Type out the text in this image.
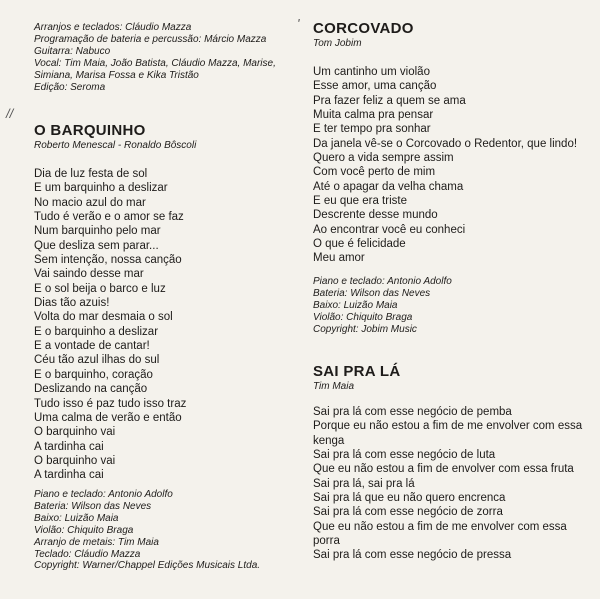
//
'
Arranjos e teclados: Cláudio Mazza
Programação de bateria e percussão: Márcio Mazza
Guitarra: Nabuco
Vocal: Tim Maia, João Batista, Cláudio Mazza, Marise,
Simiana, Marisa Fossa e Kika Tristão
Edição: Seroma
O BARQUINHO
Roberto Menescal - Ronaldo Bôscoli
Dia de luz festa de sol
E um barquinho a deslizar
No macio azul do mar
Tudo é verão e o amor se faz
Num barquinho pelo mar
Que desliza sem parar...
Sem intenção, nossa canção
Vai saindo desse mar
E o sol beija o barco e luz
Dias tão azuis!
Volta do mar desmaia o sol
E o barquinho a deslizar
E a vontade de cantar!
Céu tão azul ilhas do sul
E o barquinho, coração
Deslizando na canção
Tudo isso é paz tudo isso traz
Uma calma de verão e então
O barquinho vai
A tardinha cai
O barquinho vai
A tardinha cai
Piano e teclado: Antonio Adolfo
Bateria: Wilson das Neves
Baixo: Luizão Maia
Violão: Chiquito Braga
Arranjo de metais: Tim Maia
Teclado: Cláudio Mazza
Copyright: Warner/Chappel Edições Musicais Ltda.
CORCOVADO
Tom Jobim
Um cantinho um violão
Esse amor, uma canção
Pra fazer feliz a quem se ama
Muita calma pra pensar
E ter tempo pra sonhar
Da janela vê-se o Corcovado o Redentor, que lindo!
Quero a vida sempre assim
Com você perto de mim
Até o apagar da velha chama
E eu que era triste
Descrente desse mundo
Ao encontrar você eu conheci
O que é felicidade
Meu amor
Piano e teclado: Antonio Adolfo
Bateria: Wilson das Neves
Baixo: Luizão Maia
Violão: Chiquito Braga
Copyright: Jobim Music
SAI PRA LÁ
Tim Maia
Sai pra lá com esse negócio de pemba
Porque eu não estou a fim de me envolver com essa
kenga
Sai pra lá com esse negócio de luta
Que eu não estou a fim de envolver com essa fruta
Sai pra lá, sai pra lá
Sai pra lá que eu não quero encrenca
Sai pra lá com esse negócio de zorra
Que eu não estou a fim de me envolver com essa
porra
Sai pra lá com esse negócio de pressa
